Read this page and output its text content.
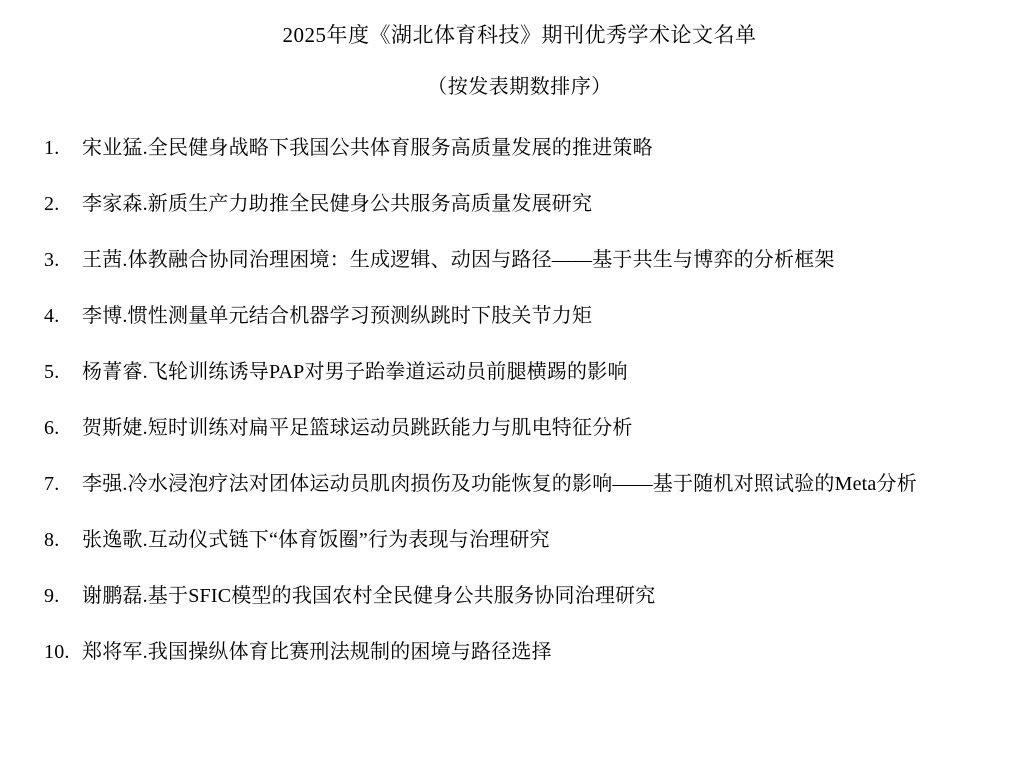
2025年度《湖北体育科技》期刊优秀学术论文名单
（按发表期数排序）
1.	宋业猛.全民健身战略下我国公共体育服务高质量发展的推进策略
2.	李家森.新质生产力助推全民健身公共服务高质量发展研究
3.	王茜.体教融合协同治理困境：生成逻辑、动因与路径——基于共生与博弈的分析框架
4.	李博.惯性测量单元结合机器学习预测纵跳时下肢关节力矩
5.	杨菁睿.飞轮训练诱导PAP对男子跆拳道运动员前腿横踢的影响
6.	贺斯婕.短时训练对扁平足篮球运动员跳跃能力与肌电特征分析
7.	李强.冷水浸泡疗法对团体运动员肌肉损伤及功能恢复的影响——基于随机对照试验的Meta分析
8.	张逸歌.互动仪式链下“体育饭圈”行为表现与治理研究
9.	谢鹏磊.基于SFIC模型的我国农村全民健身公共服务协同治理研究
10. 郑将军.我国操纵体育比赛刑法规制的困境与路径选择
